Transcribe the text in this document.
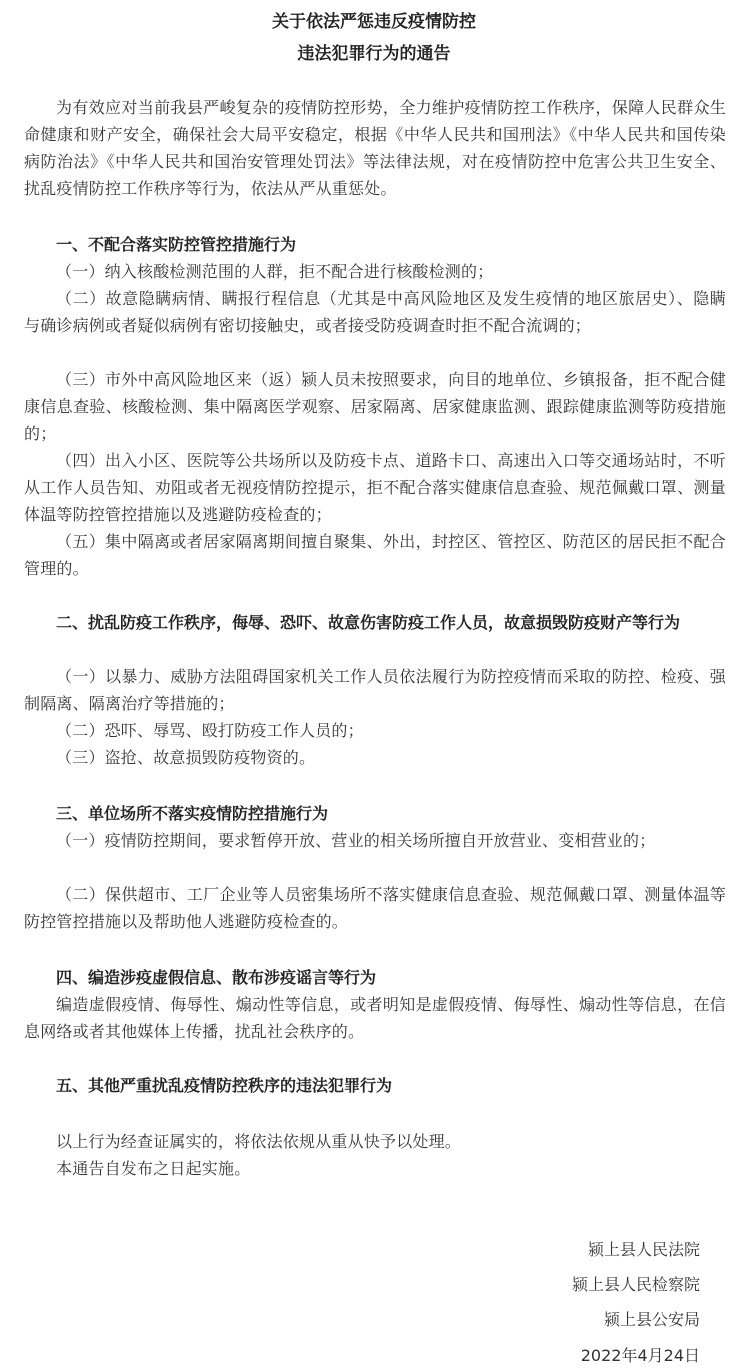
关于依法严惩违反疫情防控
违法犯罪行为的通告

为有效应对当前我县严峻复杂的疫情防控形势，全力维护疫情防控工作秩序，保障人民群众生命健康和财产安全，确保社会大局平安稳定，根据《中华人民共和国刑法》《中华人民共和国传染病防治法》《中华人民共和国治安管理处罚法》等法律法规，对在疫情防控中危害公共卫生安全、扰乱疫情防控工作秩序等行为，依法从严从重惩处。

一、不配合落实防控管控措施行为

（一）纳入核酸检测范围的人群，拒不配合进行核酸检测的；

（二）故意隐瞒病情、瞒报行程信息（尤其是中高风险地区及发生疫情的地区旅居史）、隐瞒与确诊病例或者疑似病例有密切接触史，或者接受防疫调查时拒不配合流调的；

（三）市外中高风险地区来（返）颍人员未按照要求，向目的地单位、乡镇报备，拒不配合健康信息查验、核酸检测、集中隔离医学观察、居家隔离、居家健康监测、跟踪健康监测等防疫措施的；

（四）出入小区、医院等公共场所以及防疫卡点、道路卡口、高速出入口等交通场站时，不听从工作人员告知、劝阻或者无视疫情防控提示，拒不配合落实健康信息查验、规范佩戴口罩、测量体温等防控管控措施以及逃避防疫检查的；

（五）集中隔离或者居家隔离期间擅自聚集、外出，封控区、管控区、防范区的居民拒不配合管理的。

二、扰乱防疫工作秩序，侮辱、恐吓、故意伤害防疫工作人员，故意损毁防疫财产等行为

（一）以暴力、威胁方法阻碍国家机关工作人员依法履行为防控疫情而采取的防控、检疫、强制隔离、隔离治疗等措施的；

（二）恐吓、辱骂、殴打防疫工作人员的；

（三）盗抢、故意损毁防疫物资的。

三、单位场所不落实疫情防控措施行为

（一）疫情防控期间，要求暂停开放、营业的相关场所擅自开放营业、变相营业的；

（二）保供超市、工厂企业等人员密集场所不落实健康信息查验、规范佩戴口罩、测量体温等防控管控措施以及帮助他人逃避防疫检查的。

四、编造涉疫虚假信息、散布涉疫谣言等行为

编造虚假疫情、侮辱性、煽动性等信息，或者明知是虚假疫情、侮辱性、煽动性等信息，在信息网络或者其他媒体上传播，扰乱社会秩序的。

五、其他严重扰乱疫情防控秩序的违法犯罪行为

以上行为经查证属实的，将依法依规从重从快予以处理。

本通告自发布之日起实施。

颍上县人民法院
颍上县人民检察院
颍上县公安局
2022年4月24日
